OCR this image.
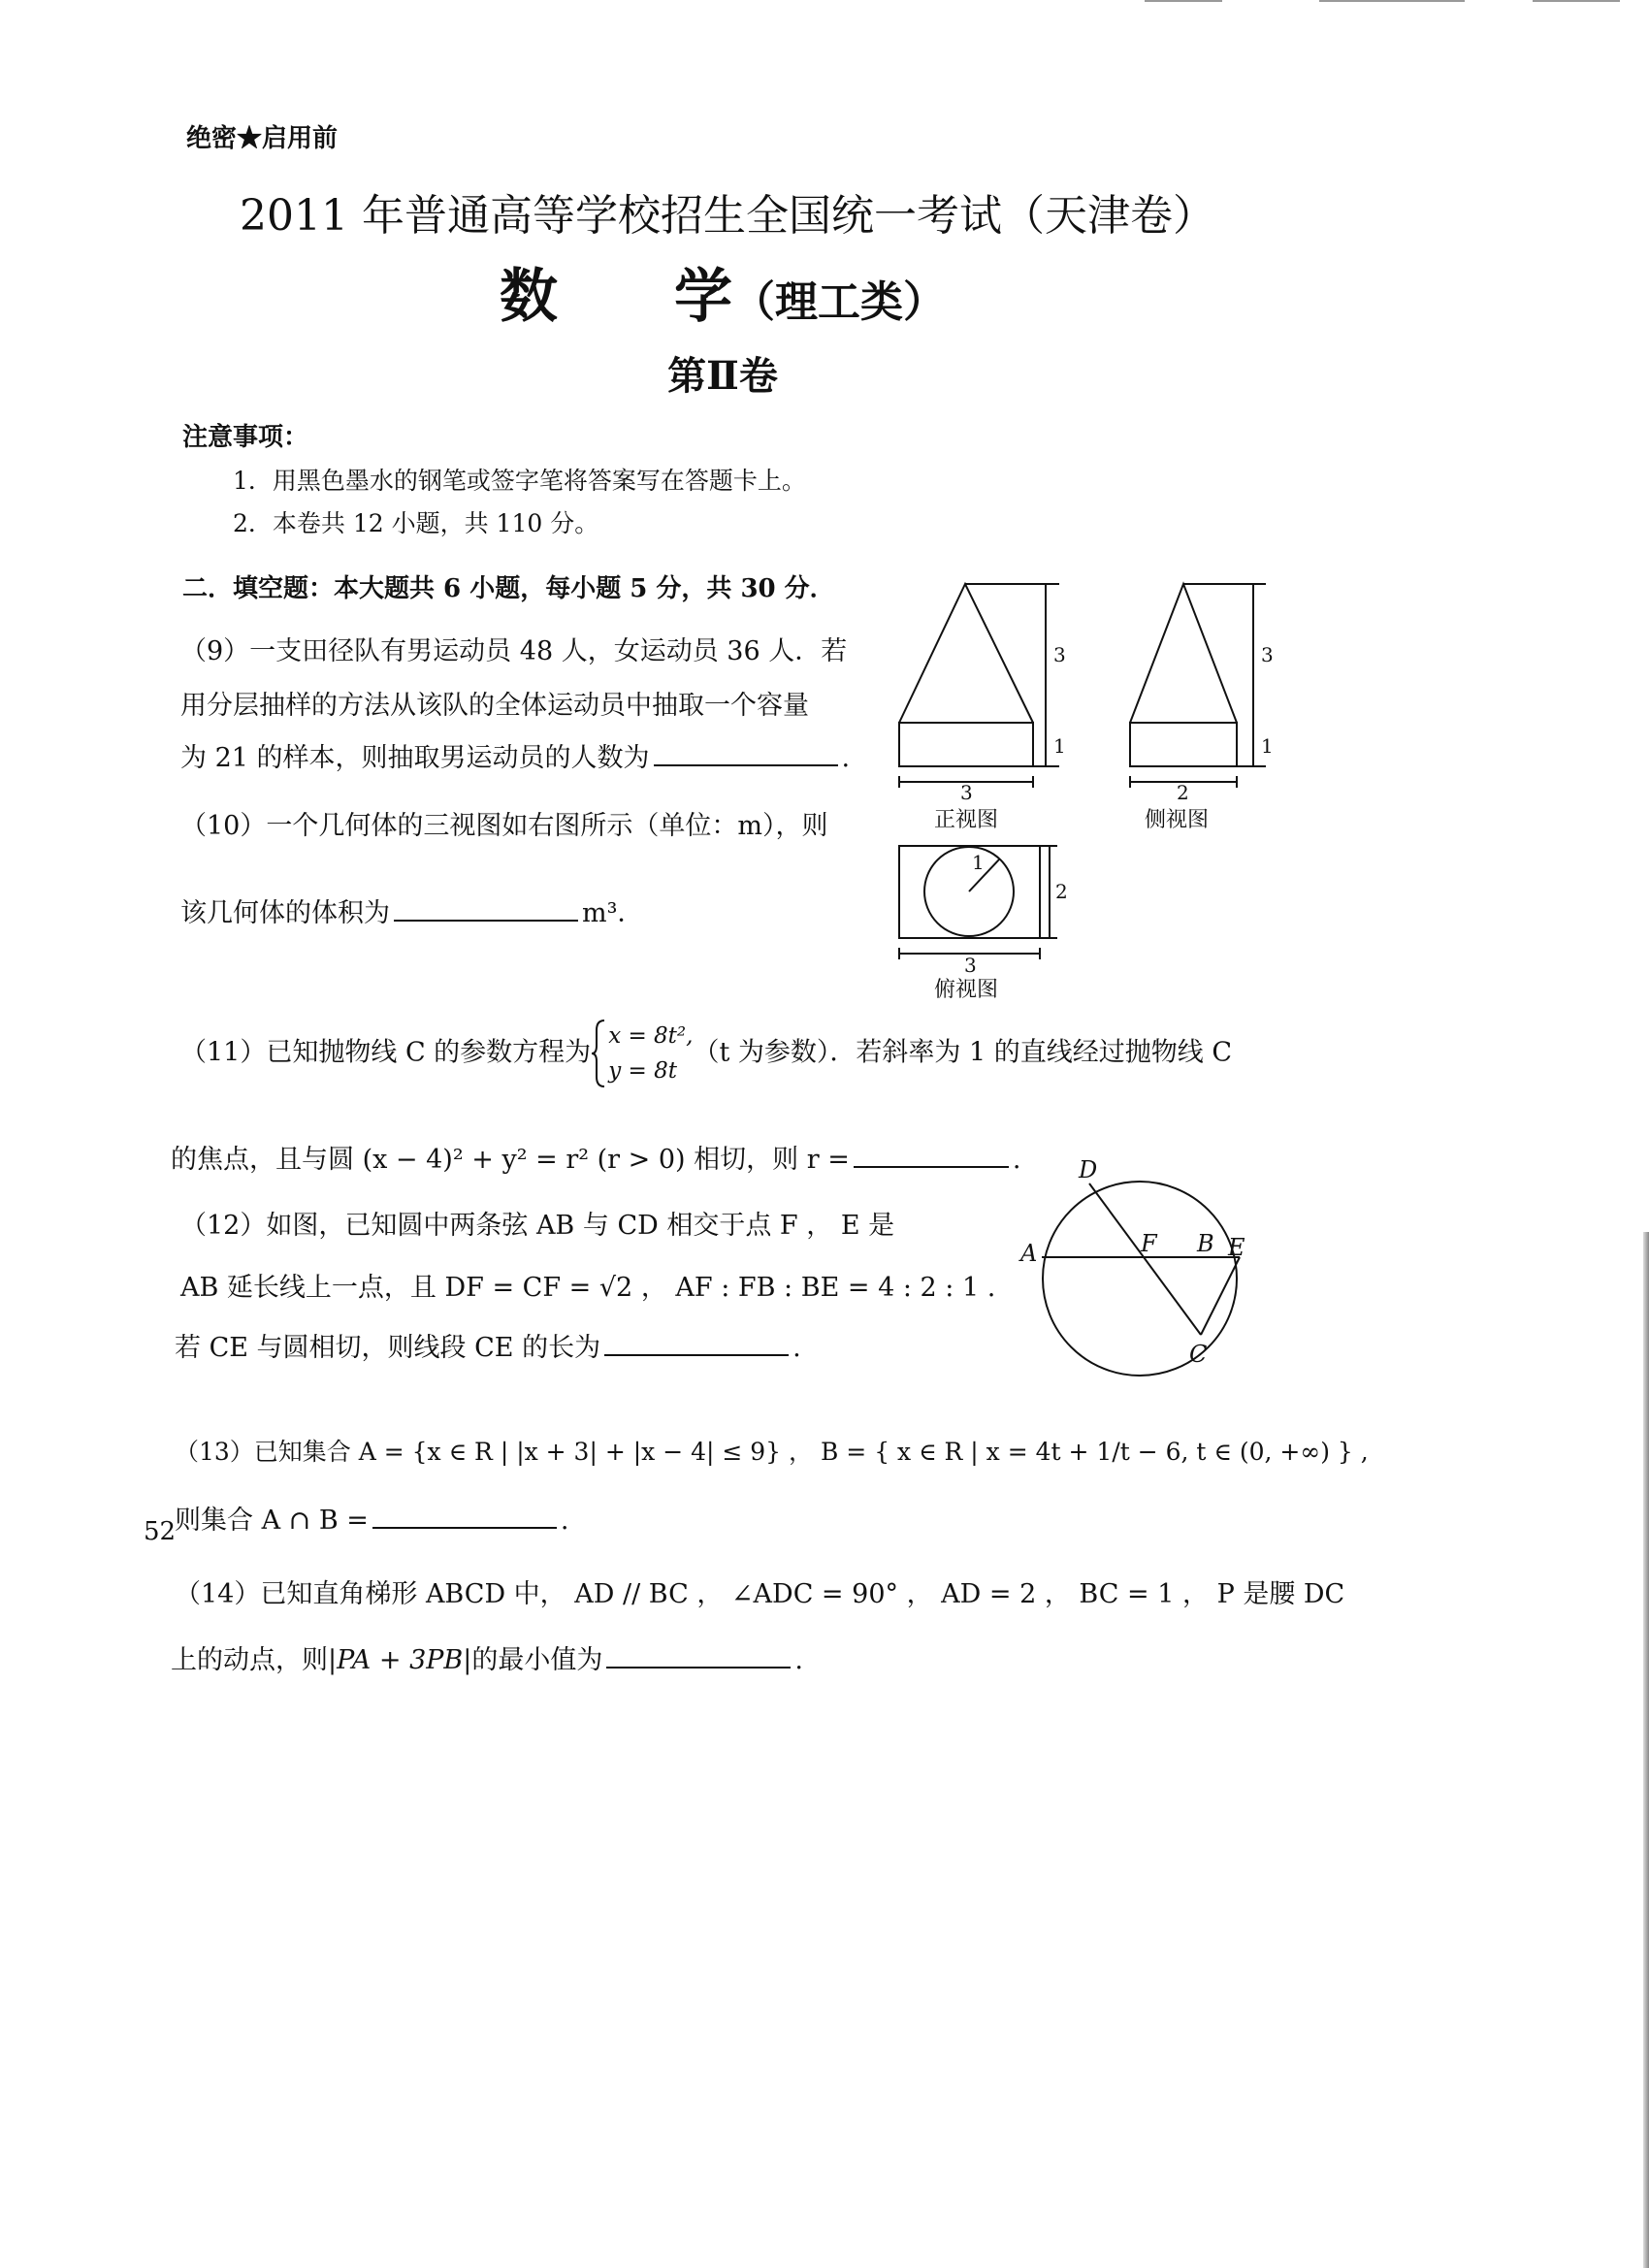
绝密★启用前
2011 年普通高等学校招生全国统一考试（天津卷）
数　　学（理工类）
第Ⅱ卷
注意事项：
1．用黑色墨水的钢笔或签字笔将答案写在答题卡上。
2．本卷共 12 小题，共 110 分。
二．填空题：本大题共 6 小题，每小题 5 分，共 30 分．
（9）一支田径队有男运动员 48 人，女运动员 36 人．若
用分层抽样的方法从该队的全体运动员中抽取一个容量
为 21 的样本，则抽取男运动员的人数为	.
（10）一个几何体的三视图如右图所示（单位：m），则
该几何体的体积为	m³．
（11）已知抛物线 C 的参数方程为
x = 8t²,
y = 8t
（t 为参数）．若斜率为 1 的直线经过抛物线 C
的焦点，且与圆 (x − 4)² + y² = r² (r > 0) 相切，则 r =	.
（12）如图，已知圆中两条弦 AB 与 CD 相交于点 F ， E 是
AB 延长线上一点，且 DF = CF = √2 ， AF : FB : BE = 4 : 2 : 1 .
若 CE 与圆相切，则线段 CE 的长为	.
（13）已知集合 A = {x ∈ R | |x + 3| + |x − 4| ≤ 9} ， B = { x ∈ R | x = 4t + 1/t − 6, t ∈ (0, +∞) } ,
则集合 A ∩ B =	.
（14）已知直角梯形 ABCD 中， AD // BC ， ∠ADC = 90° ， AD = 2 ， BC = 1 ， P 是腰 DC
上的动点，则|PA + 3PB|的最小值为	.
3
1
3
正视图
3
1
2
侧视图
2
1
3
俯视图
A
D
F B E
C
52
